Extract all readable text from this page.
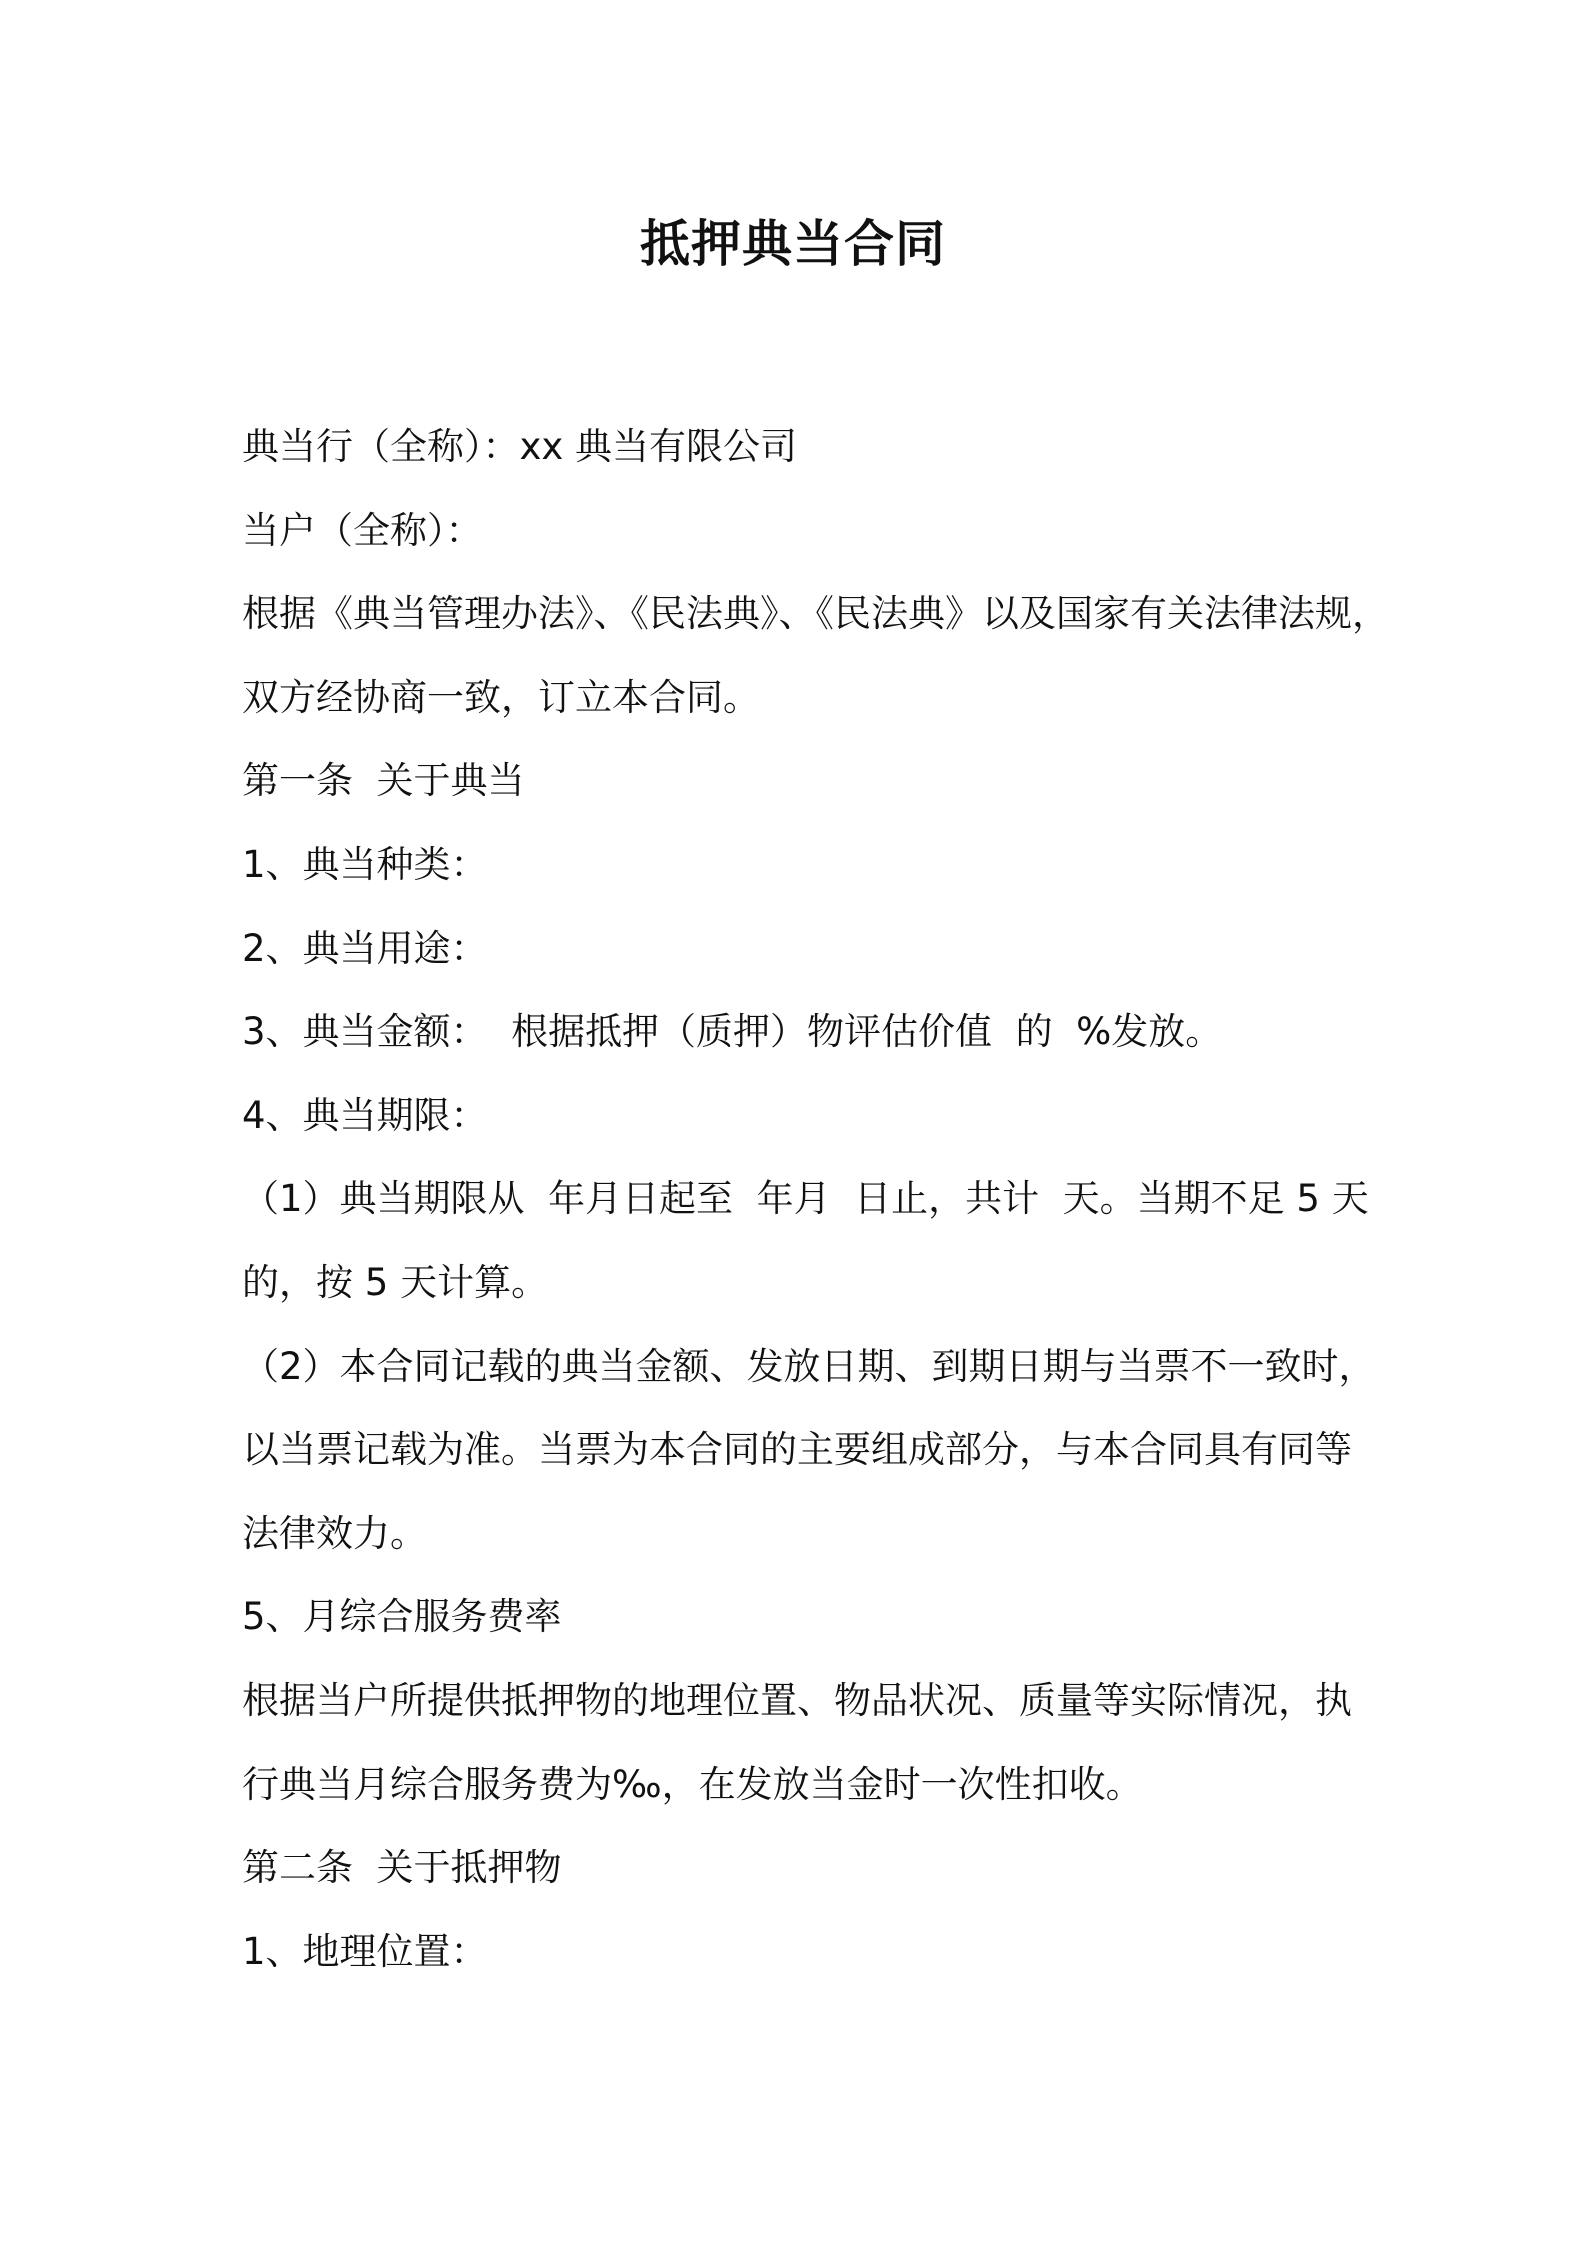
抵押典当合同
典当行（全称）：xx 典当有限公司
当户（全称）：
根据《典当管理办法》、《民法典》、《民法典》以及国家有关法律法规，
双方经协商一致，订立本合同。
第一条  关于典当
1、典当种类：
2、典当用途：
3、典当金额：  根据抵押（质押）物评估价值  的  %发放。
4、典当期限：
（1）典当期限从  年月日起至  年月  日止，共计  天。当期不足 5 天
的，按 5 天计算。
（2）本合同记载的典当金额、发放日期、到期日期与当票不一致时，
以当票记载为准。当票为本合同的主要组成部分，与本合同具有同等
法律效力。
5、月综合服务费率
根据当户所提供抵押物的地理位置、物品状况、质量等实际情况，执
行典当月综合服务费为‰，在发放当金时一次性扣收。
第二条  关于抵押物
1、地理位置：
